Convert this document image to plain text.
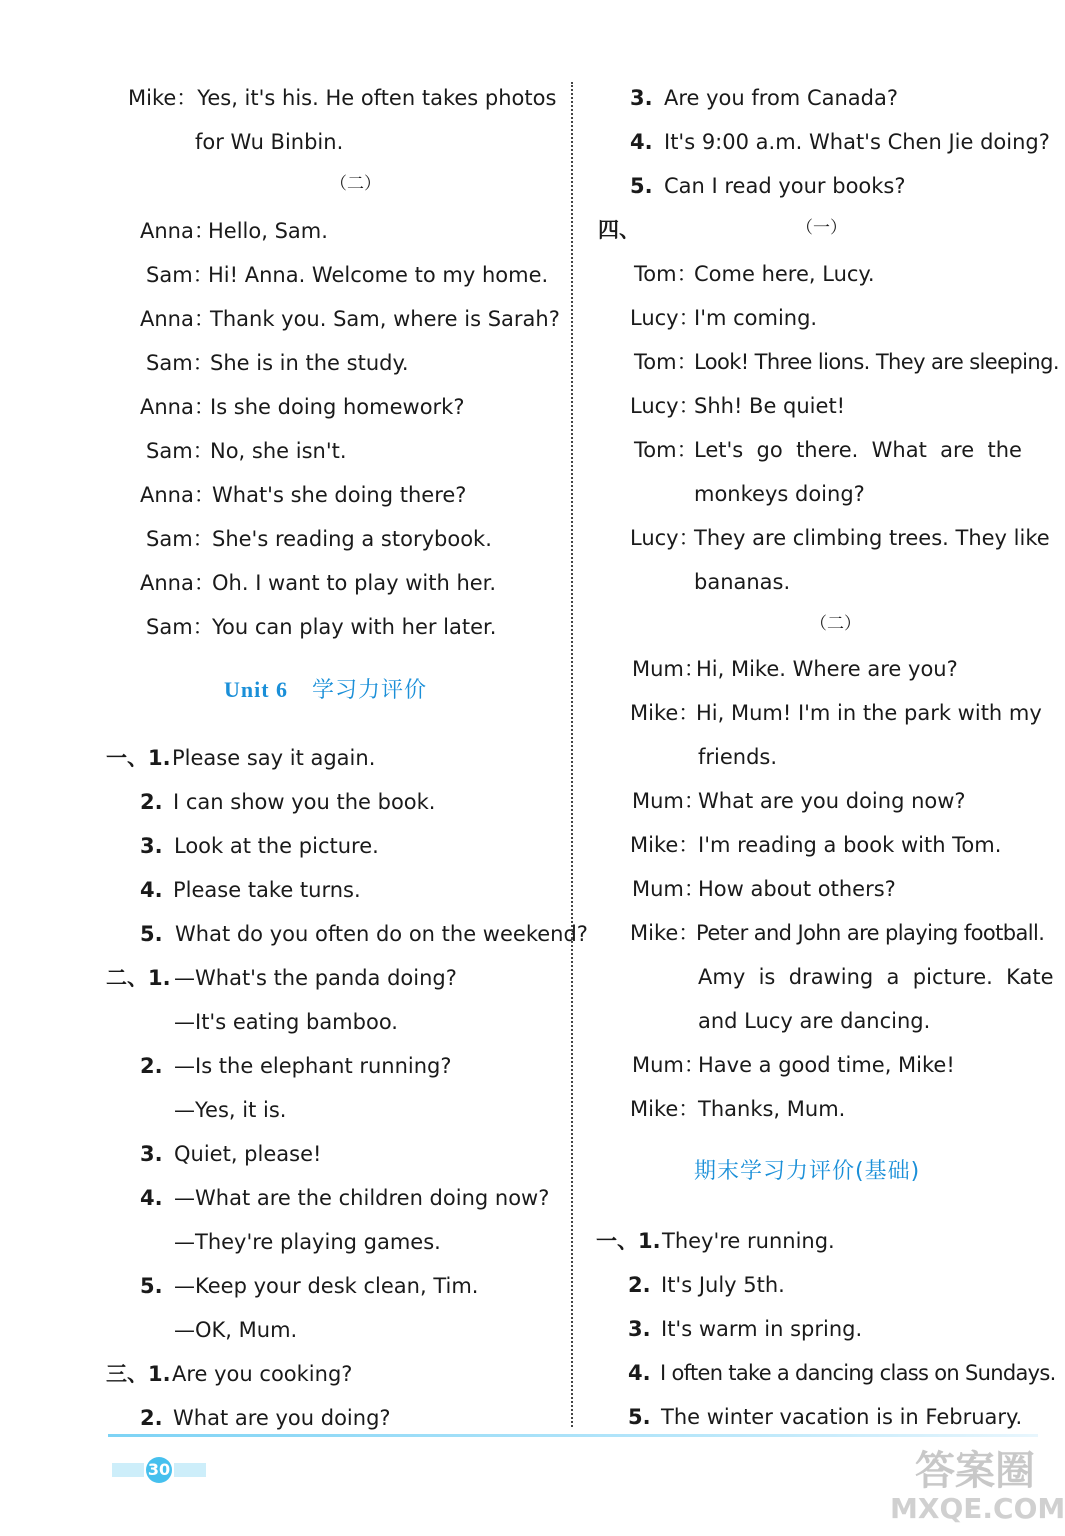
Mike：Yes, it's his. He often takes photos
for Wu Binbin.
（二）
Anna：Hello, Sam.
Sam：Hi! Anna. Welcome to my home.
Anna：Thank you. Sam, where is Sarah?
Sam：She is in the study.
Anna：Is she doing homework?
Sam：No, she isn't.
Anna：What's she doing there?
Sam：She's reading a storybook.
Anna：Oh. I want to play with her.
Sam：You can play with her later.
Unit 6 学习力评价
一、1.Please say it again.
2. I can show you the book.
3. Look at the picture.
4. Please take turns.
5. What do you often do on the weekend?
二、1. —What's the panda doing?
—It's eating bamboo.
2. —Is the elephant running?
—Yes, it is.
3. Quiet, please!
4. —What are the children doing now?
—They're playing games.
5. —Keep your desk clean, Tim.
—OK, Mum.
三、1.Are you cooking?
2. What are you doing?
3. Are you from Canada?
4. It's 9:00 a.m. What's Chen Jie doing?
5. Can I read your books?
四、	（一）
Tom：Come here, Lucy.
Lucy：I'm coming.
Tom：Look! Three lions. They are sleeping.
Lucy：Shh! Be quiet!
Tom：Let's  go  there.  What  are  the
monkeys doing?
Lucy：They are climbing trees. They like
bananas.
（二）
Mum：Hi, Mike. Where are you?
Mike：Hi, Mum! I'm in the park with my
friends.
Mum：What are you doing now?
Mike：I'm reading a book with Tom.
Mum：How about others?
Mike：Peter and John are playing football.
Amy  is  drawing  a  picture.  Kate
and Lucy are dancing.
Mum：Have a good time, Mike!
Mike：Thanks, Mum.
期末学习力评价(基础)
一、1.They're running.
2. It's July 5th.
3. It's warm in spring.
4. I often take a dancing class on Sundays.
5. The winter vacation is in February.
30	答案圈
MXQE.COM
